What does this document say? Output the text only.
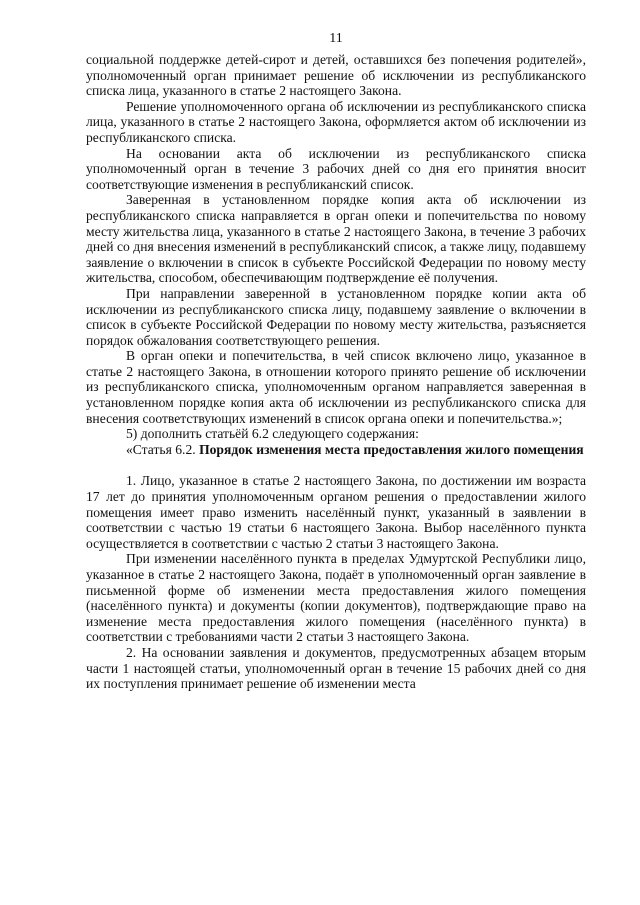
11

социальной поддержке детей-сирот и детей, оставшихся без попечения родителей», уполномоченный орган принимает решение об исключении из республиканского списка лица, указанного в статье 2 настоящего Закона.

Решение уполномоченного органа об исключении из республиканского списка лица, указанного в статье 2 настоящего Закона, оформляется актом об исключении из республиканского списка.

На основании акта об исключении из республиканского списка уполномоченный орган в течение 3 рабочих дней со дня его принятия вносит соответствующие изменения в республиканский список.

Заверенная в установленном порядке копия акта об исключении из республиканского списка направляется в орган опеки и попечительства по новому месту жительства лица, указанного в статье 2 настоящего Закона, в течение 3 рабочих дней со дня внесения изменений в республиканский список, а также лицу, подавшему заявление о включении в список в субъекте Российской Федерации по новому месту жительства, способом, обеспечивающим подтверждение её получения.

При направлении заверенной в установленном порядке копии акта об исключении из республиканского списка лицу, подавшему заявление о включении в список в субъекте Российской Федерации по новому месту жительства, разъясняется порядок обжалования соответствующего решения.

В орган опеки и попечительства, в чей список включено лицо, указанное в статье 2 настоящего Закона, в отношении которого принято решение об исключении из республиканского списка, уполномоченным органом направляется заверенная в установленном порядке копия акта об исключении из республиканского списка для внесения соответствующих изменений в список органа опеки и попечительства.»;

5) дополнить статьёй 6.2 следующего содержания:

«Статья 6.2. Порядок изменения места предоставления жилого помещения

1. Лицо, указанное в статье 2 настоящего Закона, по достижении им возраста 17 лет до принятия уполномоченным органом решения о предоставлении жилого помещения имеет право изменить населённый пункт, указанный в заявлении в соответствии с частью 19 статьи 6 настоящего Закона. Выбор населённого пункта осуществляется в соответствии с частью 2 статьи 3 настоящего Закона.

При изменении населённого пункта в пределах Удмуртской Республики лицо, указанное в статье 2 настоящего Закона, подаёт в уполномоченный орган заявление в письменной форме об изменении места предоставления жилого помещения (населённого пункта) и документы (копии документов), подтверждающие право на изменение места предоставления жилого помещения (населённого пункта) в соответствии с требованиями части 2 статьи 3 настоящего Закона.

2. На основании заявления и документов, предусмотренных абзацем вторым части 1 настоящей статьи, уполномоченный орган в течение 15 рабочих дней со дня их поступления принимает решение об изменении места
